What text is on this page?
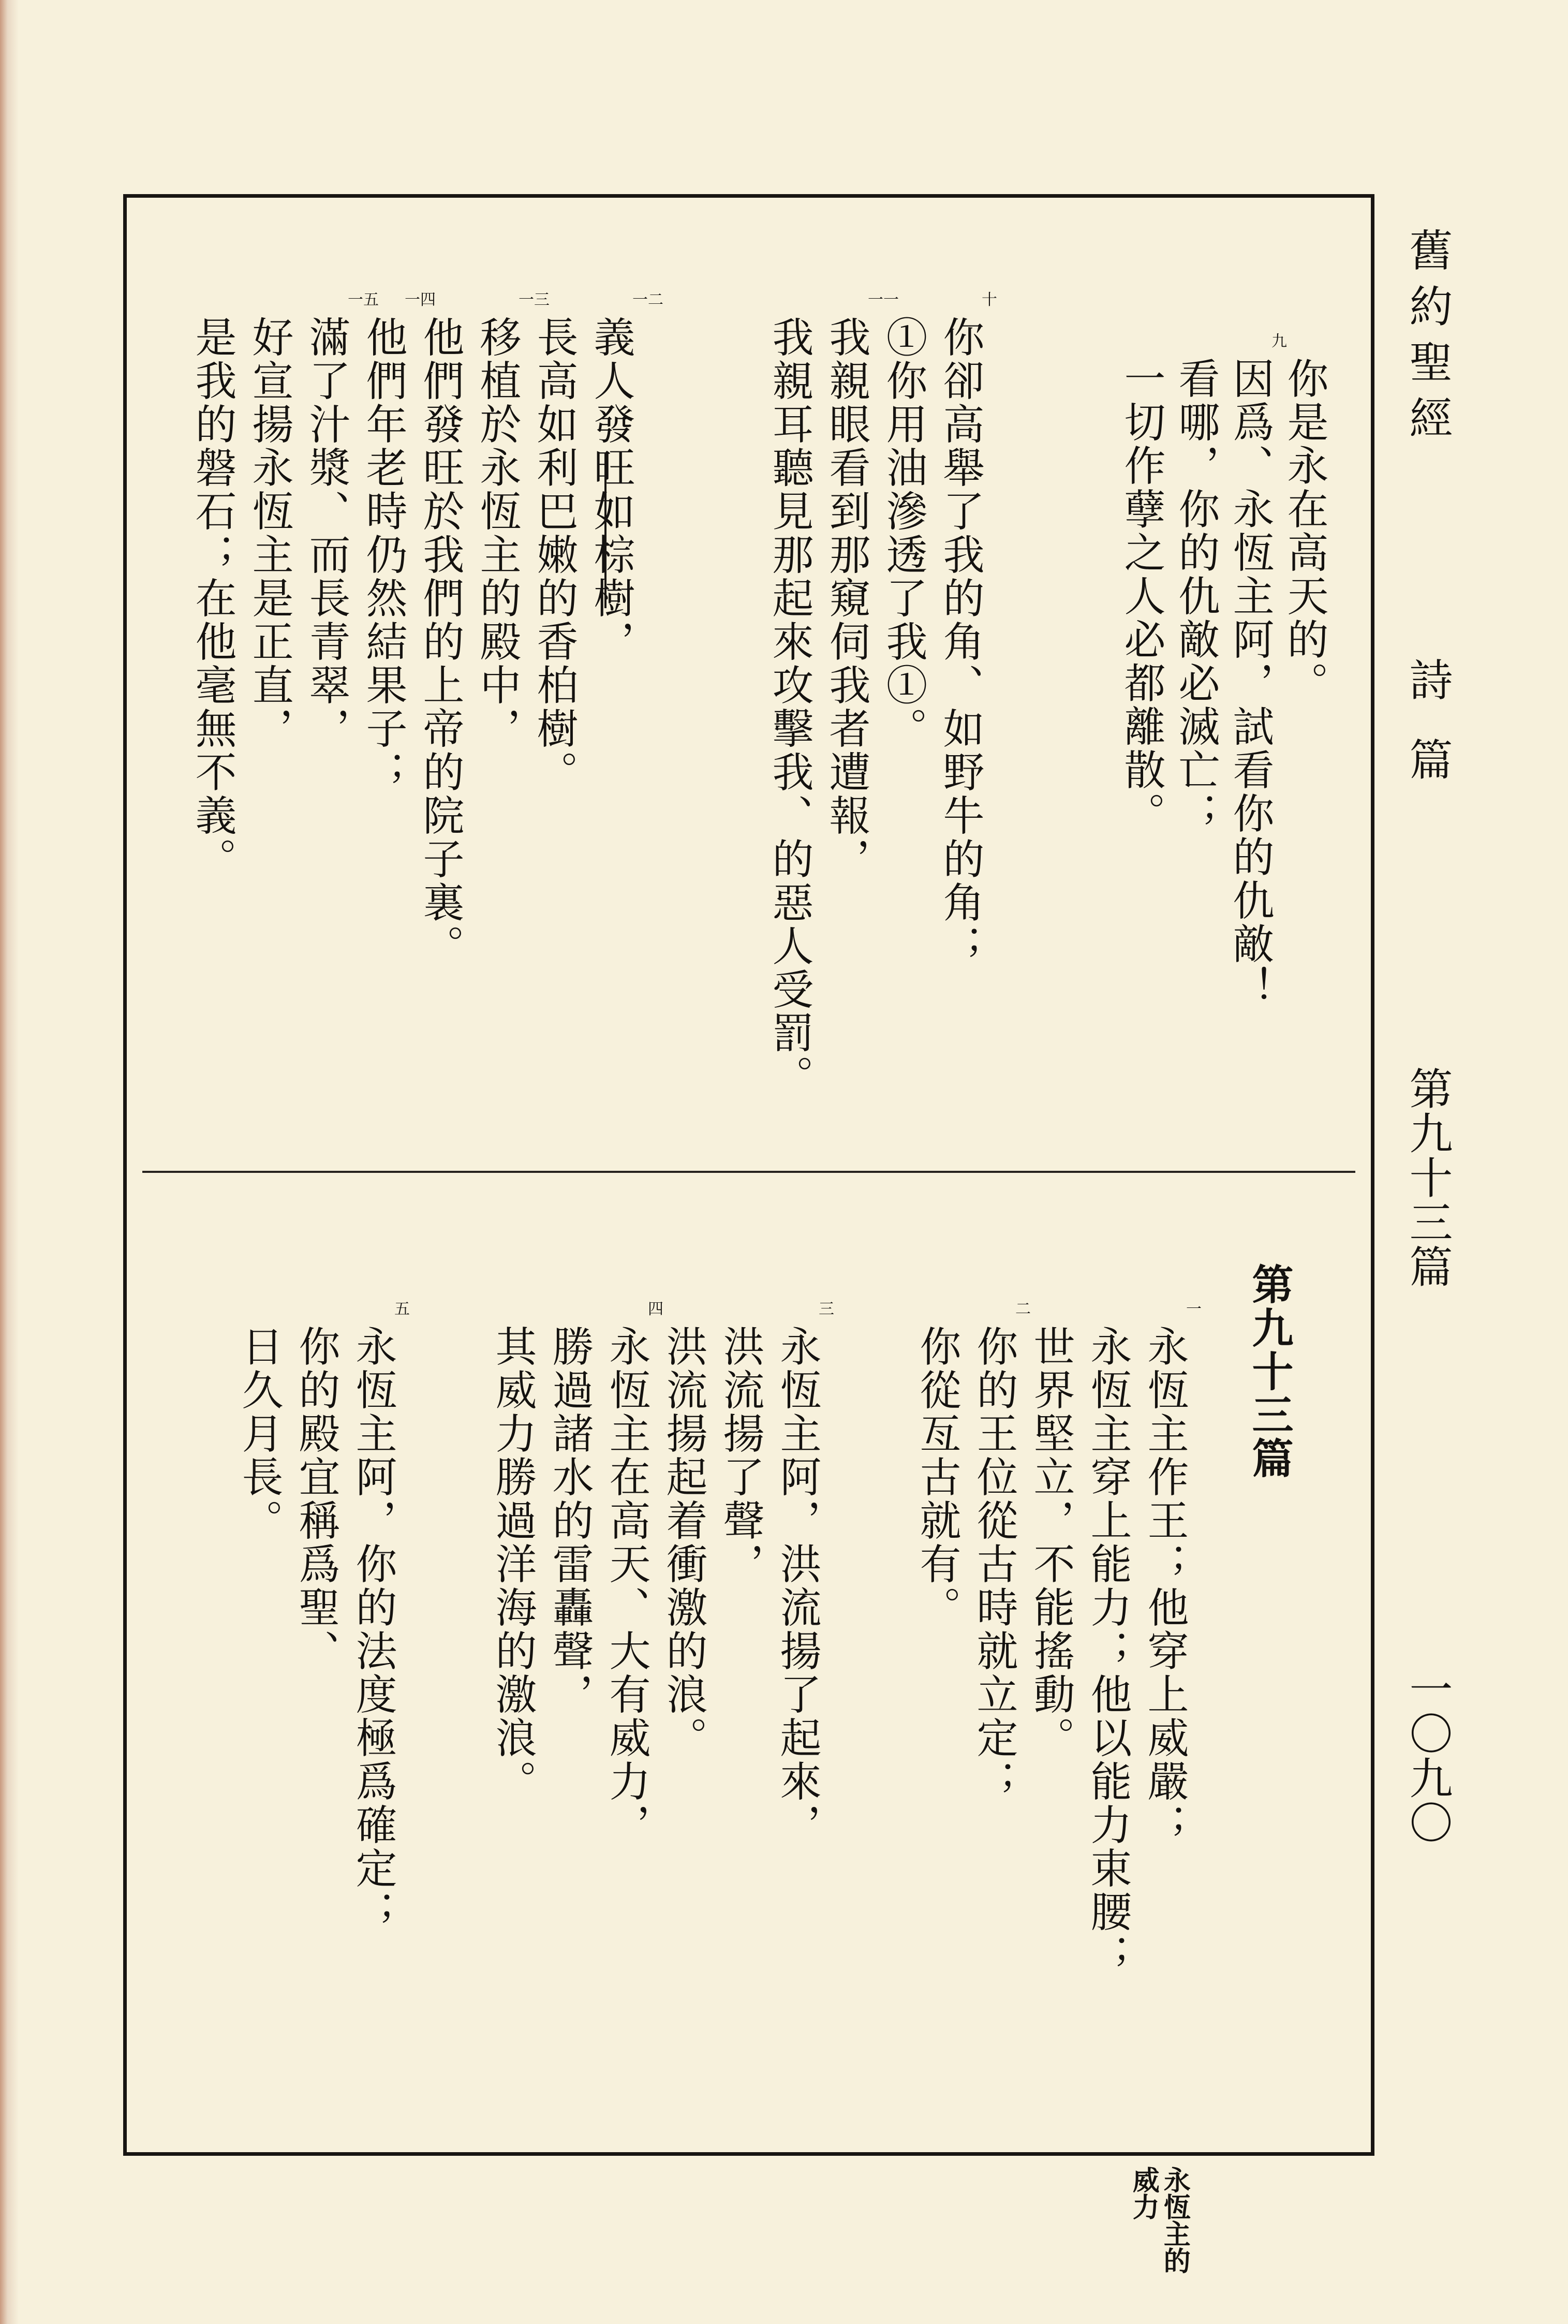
舊約聖經
詩篇
第九十三篇
一〇九〇
你是永在高天的。
因爲、永恆主阿，試看你的仇敵！
九
看哪，你的仇敵必滅亡；
一切作孽之人必都離散。
你卻高舉了我的角、如野牛的角；
十
①你用油滲透了我①。
我親眼看到那窺伺我者遭報，
一一
我親耳聽見那起來攻擊我、的惡人受罰。
義人發旺如棕樹，
一二
長高如利巴嫩的香柏樹。
移植於永恆主的殿中，
一三
他們發旺於我們的上帝的院子裏。
他們年老時仍然結果子；
一四
滿了汁漿、而長青翠，
一五
好宣揚永恆主是正直，
是我的磐石；在他毫無不義。
第九十三篇
永恆主作王；他穿上威嚴；
一
永恆主穿上能力；他以能力束腰；
世界堅立，不能搖動。
你的王位從古時就立定；
二
你從亙古就有。
永恆主阿，洪流揚了起來，
三
洪流揚了聲，
洪流揚起着衝激的浪。
永恆主在高天、大有威力，
四
勝過諸水的雷轟聲，
其威力勝過洋海的激浪。
永恆主阿，你的法度極爲確定；
五
你的殿宜稱爲聖、
日久月長。
永恆主的
威力
